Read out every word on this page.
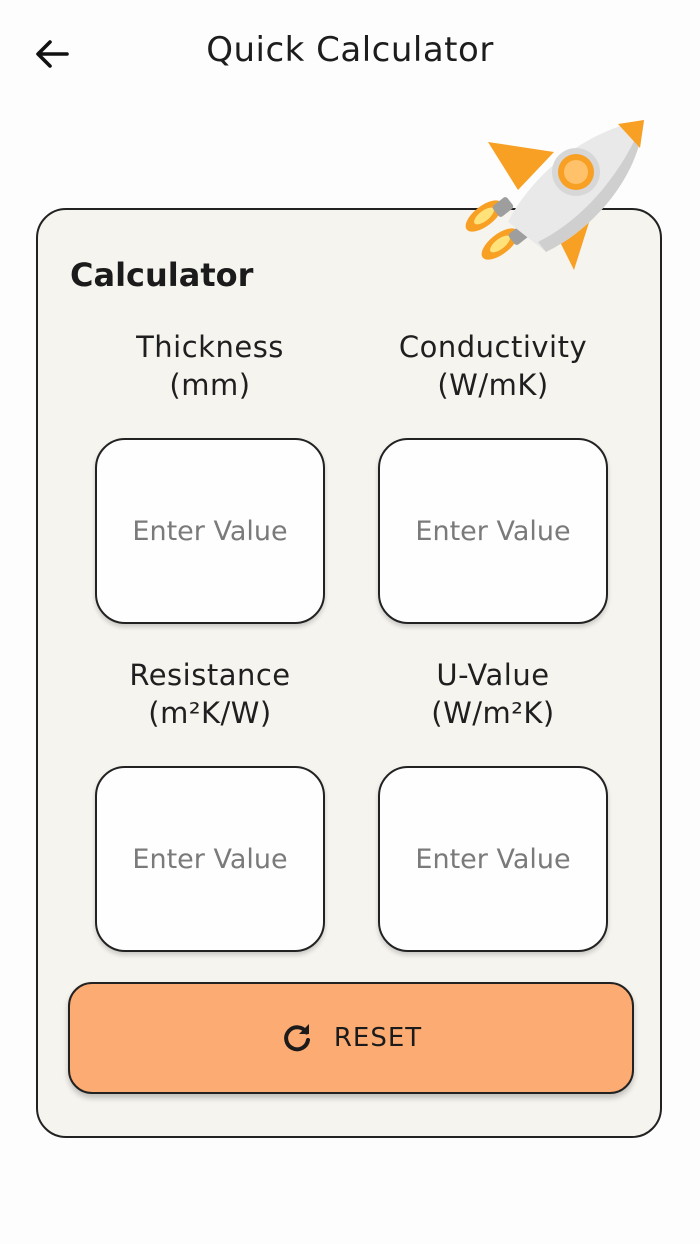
Quick Calculator
Calculator
Thickness
(mm)
Enter Value
Conductivity
(W/mK)
Enter Value
Resistance
(m²K/W)
Enter Value
U-Value
(W/m²K)
Enter Value
RESET
